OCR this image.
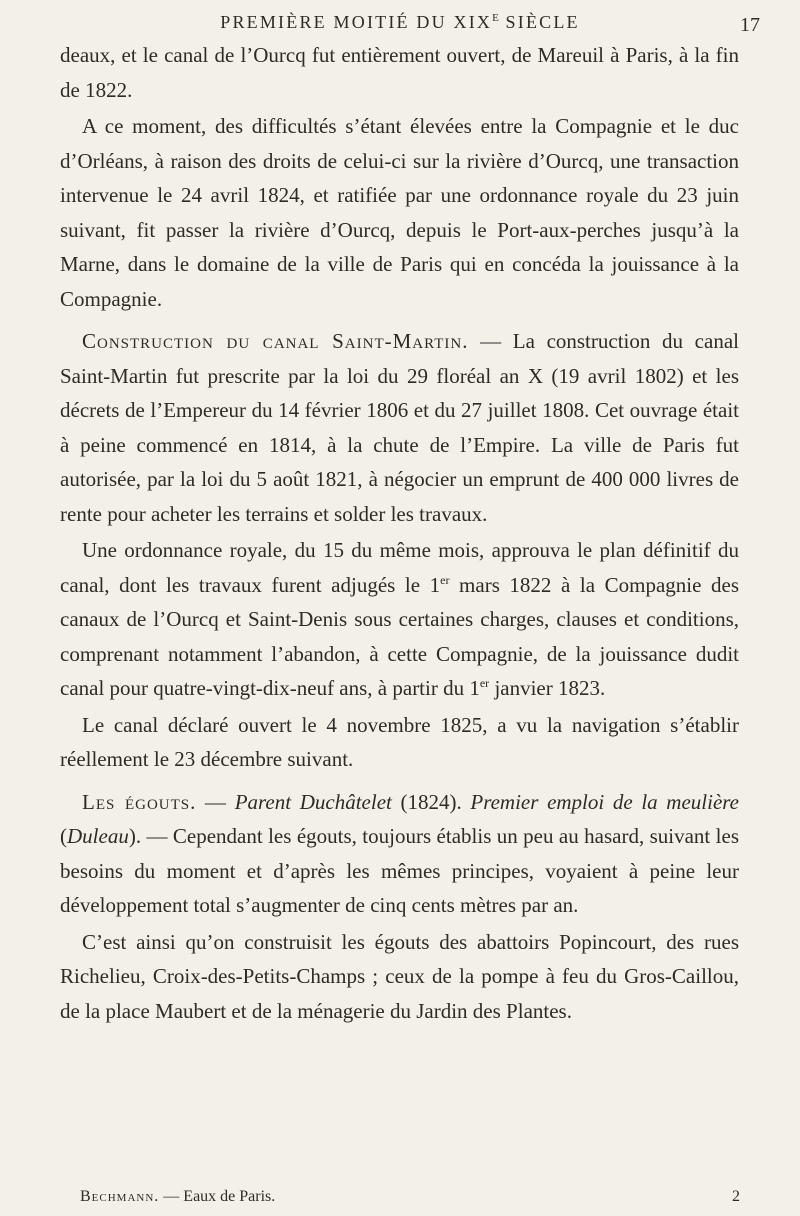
PREMIÈRE MOITIÉ DU $XIX^E$ SIÈCLE	17

deaux, et le canal de l’Ourcq fut entièrement ouvert, de Mareuil à Paris, à la fin de 1822.

A ce moment, des difficultés s’étant élevées entre la Compagnie et le duc d’Orléans, à raison des droits de celui-ci sur la rivière d’Ourcq, une transaction intervenue le 24 avril 1824, et ratifiée par une ordonnance royale du 23 juin suivant, fit passer la rivière d’Ourcq, depuis le Port-aux-perches jusqu’à la Marne, dans le domaine de la ville de Paris qui en concéda la jouissance à la Compagnie.

Construction du canal Saint-Martin. — La construction du canal Saint-Martin fut prescrite par la loi du 29 floréal an X (19 avril 1802) et les décrets de l’Empereur du 14 février 1806 et du 27 juillet 1808. Cet ouvrage était à peine commencé en 1814, à la chute de l’Empire. La ville de Paris fut autorisée, par la loi du 5 août 1821, à négocier un emprunt de 400 000 livres de rente pour acheter les terrains et solder les travaux.

Une ordonnance royale, du 15 du même mois, approuva le plan définitif du canal, dont les travaux furent adjugés le 1er mars 1822 à la Compagnie des canaux de l’Ourcq et Saint-Denis sous certaines charges, clauses et conditions, comprenant notamment l’abandon, à cette Compagnie, de la jouissance dudit canal pour quatre-vingt-dix-neuf ans, à partir du 1er janvier 1823.

Le canal déclaré ouvert le 4 novembre 1825, a vu la navigation s’établir réellement le 23 décembre suivant.

Les égouts. — Parent Duchâtelet (1824). Premier emploi de la meulière (Duleau). — Cependant les égouts, toujours établis un peu au hasard, suivant les besoins du moment et d’après les mêmes principes, voyaient à peine leur développement total s’augmenter de cinq cents mètres par an.

C’est ainsi qu’on construisit les égouts des abattoirs Popincourt, des rues Richelieu, Croix-des-Petits-Champs ; ceux de la pompe à feu du Gros-Caillou, de la place Maubert et de la ménagerie du Jardin des Plantes.

Bechmann. — Eaux de Paris.	2
